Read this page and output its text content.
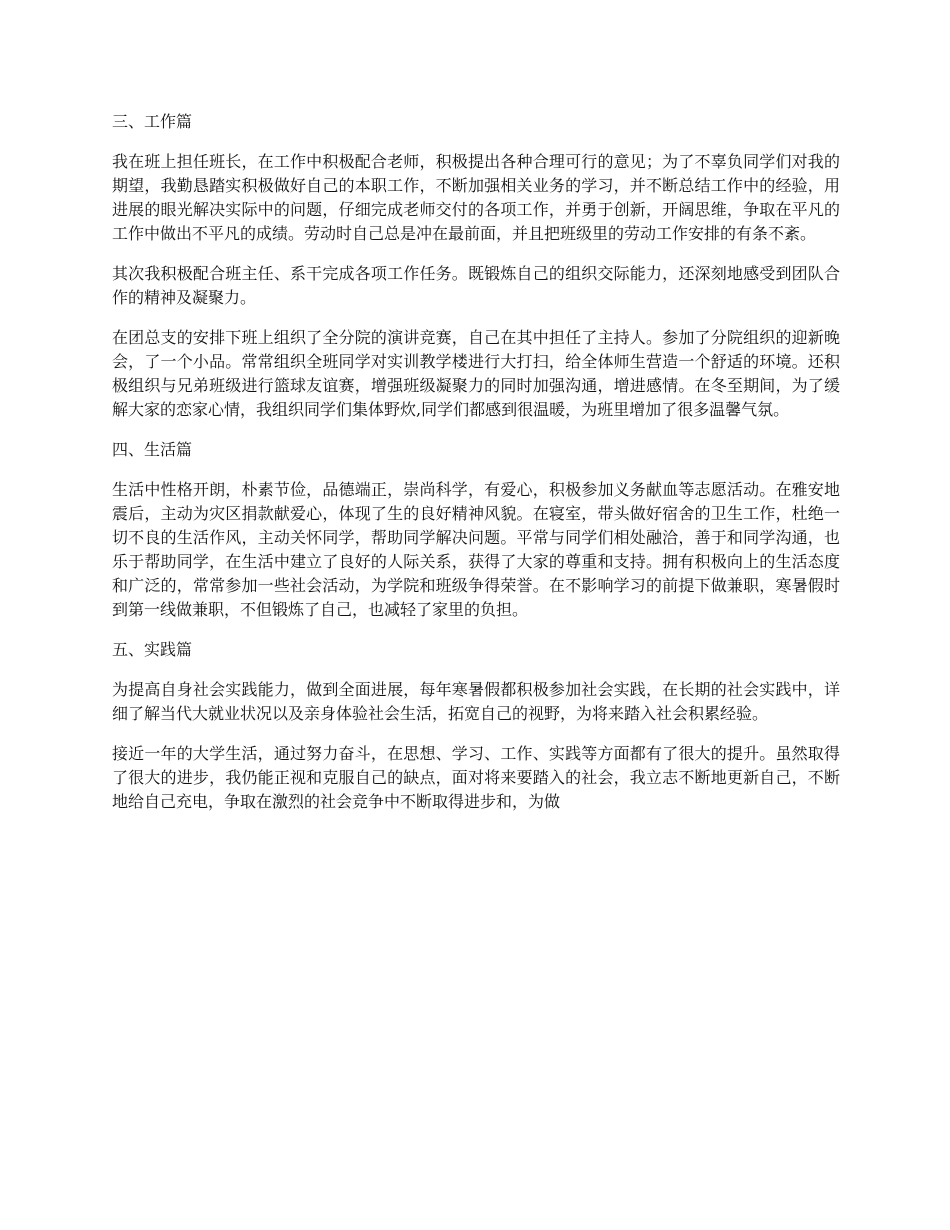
三、工作篇

我在班上担任班长，在工作中积极配合老师，积极提出各种合理可行的意见；为了不辜负同学们对我的期望，我勤恳踏实积极做好自己的本职工作，不断加强相关业务的学习，并不断总结工作中的经验，用进展的眼光解决实际中的问题，仔细完成老师交付的各项工作，并勇于创新，开阔思维，争取在平凡的工作中做出不平凡的成绩。劳动时自己总是冲在最前面，并且把班级里的劳动工作安排的有条不紊。

其次我积极配合班主任、系干完成各项工作任务。既锻炼自己的组织交际能力，还深刻地感受到团队合作的精神及凝聚力。

在团总支的安排下班上组织了全分院的演讲竞赛，自己在其中担任了主持人。参加了分院组织的迎新晚会，了一个小品。常常组织全班同学对实训教学楼进行大打扫，给全体师生营造一个舒适的环境。还积极组织与兄弟班级进行篮球友谊赛，增强班级凝聚力的同时加强沟通，增进感情。在冬至期间，为了缓解大家的恋家心情，我组织同学们集体野炊,同学们都感到很温暖，为班里增加了很多温馨气氛。

四、生活篇

生活中性格开朗，朴素节俭，品德端正，崇尚科学，有爱心，积极参加义务献血等志愿活动。在雅安地震后，主动为灾区捐款献爱心，体现了生的良好精神风貌。在寝室，带头做好宿舍的卫生工作，杜绝一切不良的生活作风，主动关怀同学，帮助同学解决问题。平常与同学们相处融洽，善于和同学沟通，也乐于帮助同学，在生活中建立了良好的人际关系，获得了大家的尊重和支持。拥有积极向上的生活态度和广泛的，常常参加一些社会活动，为学院和班级争得荣誉。在不影响学习的前提下做兼职，寒暑假时到第一线做兼职，不但锻炼了自己，也减轻了家里的负担。

五、实践篇

为提高自身社会实践能力，做到全面进展，每年寒暑假都积极参加社会实践，在长期的社会实践中，详细了解当代大就业状况以及亲身体验社会生活，拓宽自己的视野，为将来踏入社会积累经验。

接近一年的大学生活，通过努力奋斗，在思想、学习、工作、实践等方面都有了很大的提升。虽然取得了很大的进步，我仍能正视和克服自己的缺点，面对将来要踏入的社会，我立志不断地更新自己，不断地给自己充电，争取在激烈的社会竞争中不断取得进步和，为做
